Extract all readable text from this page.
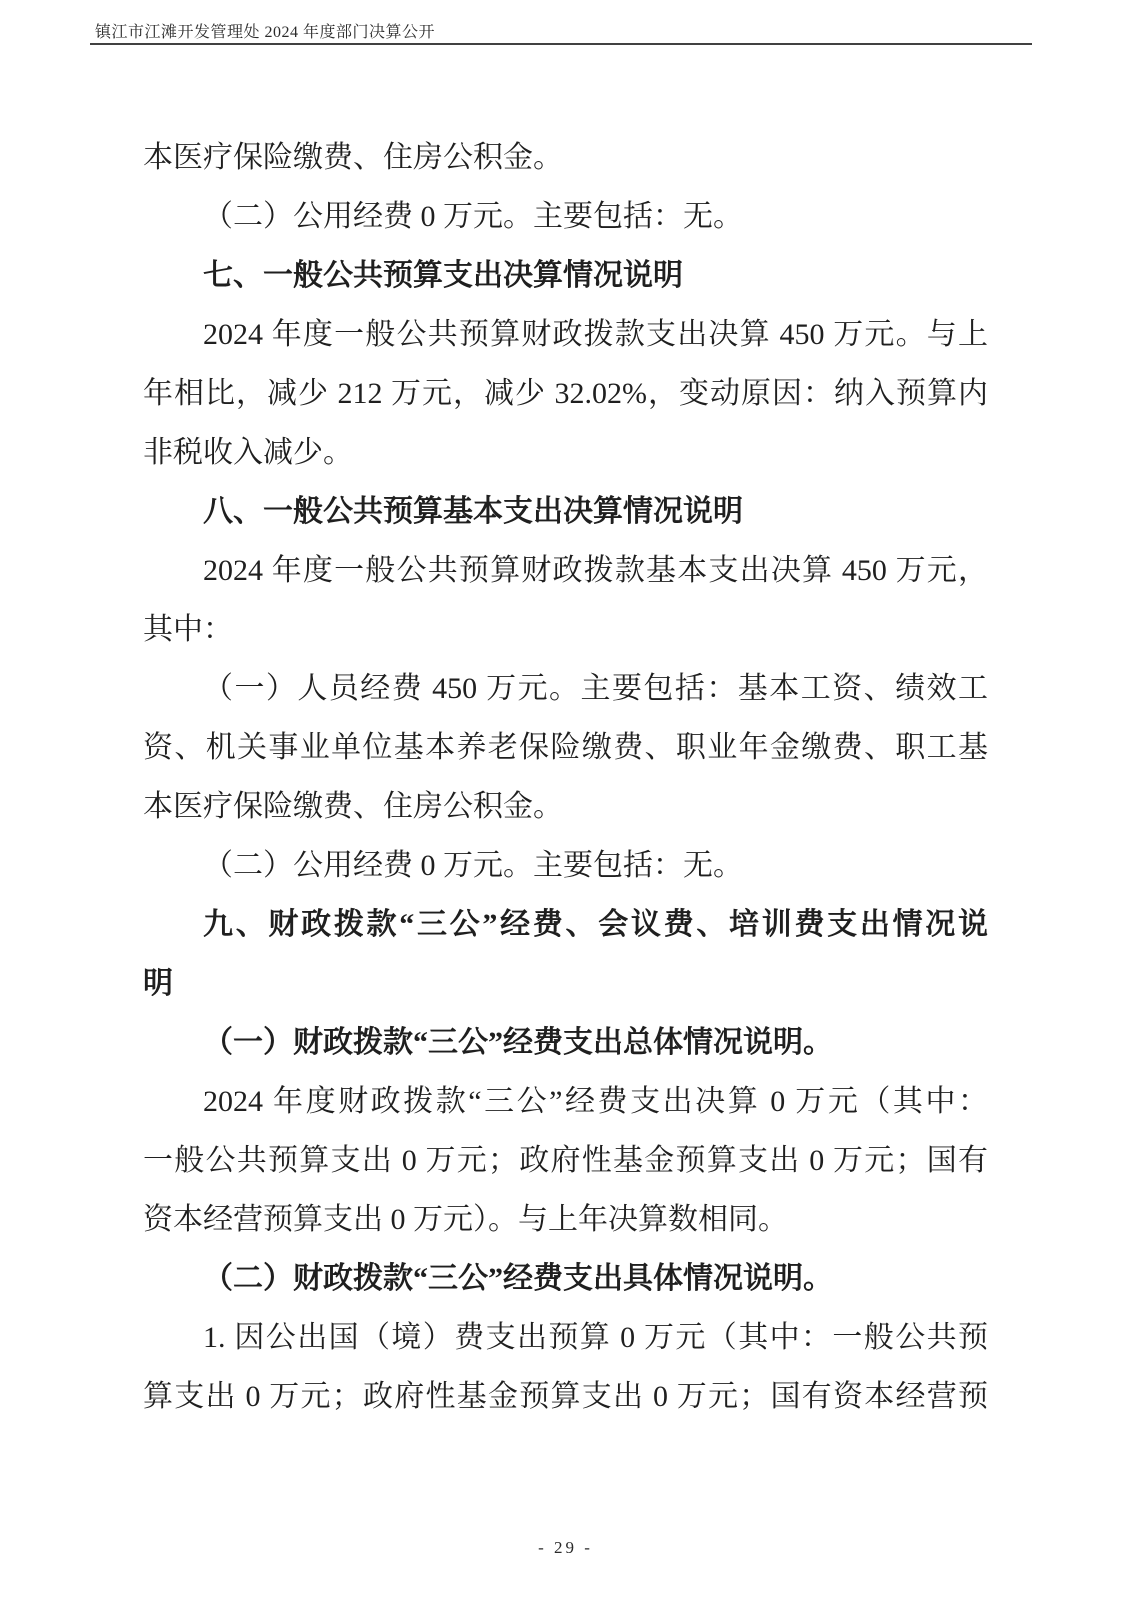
镇江市江滩开发管理处 2024 年度部门决算公开
本医疗保险缴费、住房公积金。
（二）公用经费 0 万元。主要包括：无。
七、一般公共预算支出决算情况说明
2024 年度一般公共预算财政拨款支出决算 450 万元。与上
年相比，减少 212 万元，减少 32.02%，变动原因：纳入预算内
非税收入减少。
八、一般公共预算基本支出决算情况说明
2024 年度一般公共预算财政拨款基本支出决算 450 万元，
其中：
（一）人员经费 450 万元。主要包括：基本工资、绩效工
资、机关事业单位基本养老保险缴费、职业年金缴费、职工基
本医疗保险缴费、住房公积金。
（二）公用经费 0 万元。主要包括：无。
九、财政拨款“三公”经费、会议费、培训费支出情况说
明
（一）财政拨款“三公”经费支出总体情况说明。
2024 年度财政拨款“三公”经费支出决算 0 万元（其中：
一般公共预算支出 0 万元；政府性基金预算支出 0 万元；国有
资本经营预算支出 0 万元）。与上年决算数相同。
（二）财政拨款“三公”经费支出具体情况说明。
1. 因公出国（境）费支出预算 0 万元（其中：一般公共预
算支出 0 万元；政府性基金预算支出 0 万元；国有资本经营预
- 29 -
